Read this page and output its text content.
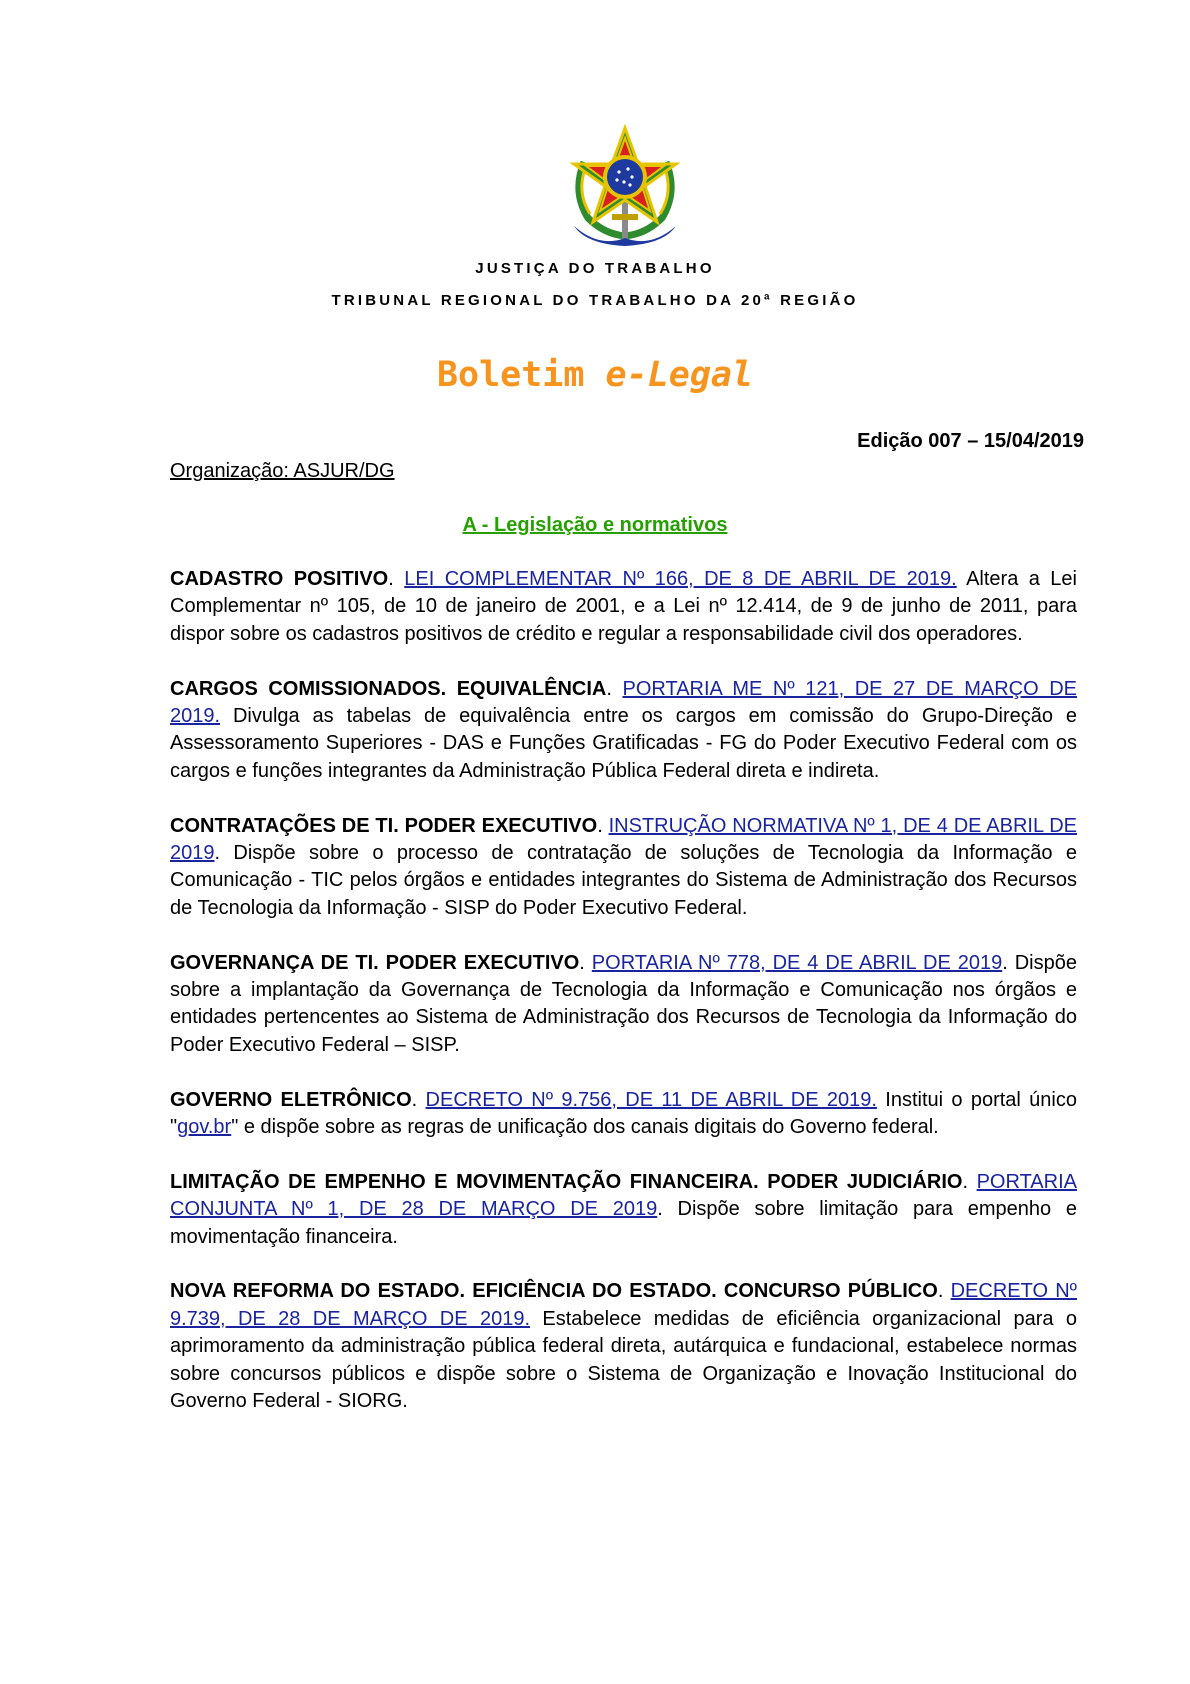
JUSTIÇA DO TRABALHO
TRIBUNAL REGIONAL DO TRABALHO DA 20ª REGIÃO
Boletim e-Legal
Edição 007 – 15/04/2019
Organização: ASJUR/DG
A - Legislação e normativos

CADASTRO POSITIVO. LEI COMPLEMENTAR Nº 166, DE 8 DE ABRIL DE 2019. Altera a Lei Complementar nº 105, de 10 de janeiro de 2001, e a Lei nº 12.414, de 9 de junho de 2011, para dispor sobre os cadastros positivos de crédito e regular a responsabilidade civil dos operadores.

CARGOS COMISSIONADOS. EQUIVALÊNCIA. PORTARIA ME Nº 121, DE 27 DE MARÇO DE 2019. Divulga as tabelas de equivalência entre os cargos em comissão do Grupo-Direção e Assessoramento Superiores - DAS e Funções Gratificadas - FG do Poder Executivo Federal com os cargos e funções integrantes da Administração Pública Federal direta e indireta.

CONTRATAÇÕES DE TI. PODER EXECUTIVO. INSTRUÇÃO NORMATIVA Nº 1, DE 4 DE ABRIL DE 2019. Dispõe sobre o processo de contratação de soluções de Tecnologia da Informação e Comunicação - TIC pelos órgãos e entidades integrantes do Sistema de Administração dos Recursos de Tecnologia da Informação - SISP do Poder Executivo Federal.

GOVERNANÇA DE TI. PODER EXECUTIVO. PORTARIA Nº 778, DE 4 DE ABRIL DE 2019. Dispõe sobre a implantação da Governança de Tecnologia da Informação e Comunicação nos órgãos e entidades pertencentes ao Sistema de Administração dos Recursos de Tecnologia da Informação do Poder Executivo Federal – SISP.

GOVERNO ELETRÔNICO. DECRETO Nº 9.756, DE 11 DE ABRIL DE 2019. Institui o portal único "gov.br" e dispõe sobre as regras de unificação dos canais digitais do Governo federal.

LIMITAÇÃO DE EMPENHO E MOVIMENTAÇÃO FINANCEIRA. PODER JUDICIÁRIO. PORTARIA CONJUNTA Nº 1, DE 28 DE MARÇO DE 2019. Dispõe sobre limitação para empenho e movimentação financeira.

NOVA REFORMA DO ESTADO. EFICIÊNCIA DO ESTADO. CONCURSO PÚBLICO. DECRETO Nº 9.739, DE 28 DE MARÇO DE 2019. Estabelece medidas de eficiência organizacional para o aprimoramento da administração pública federal direta, autárquica e fundacional, estabelece normas sobre concursos públicos e dispõe sobre o Sistema de Organização e Inovação Institucional do Governo Federal - SIORG.
